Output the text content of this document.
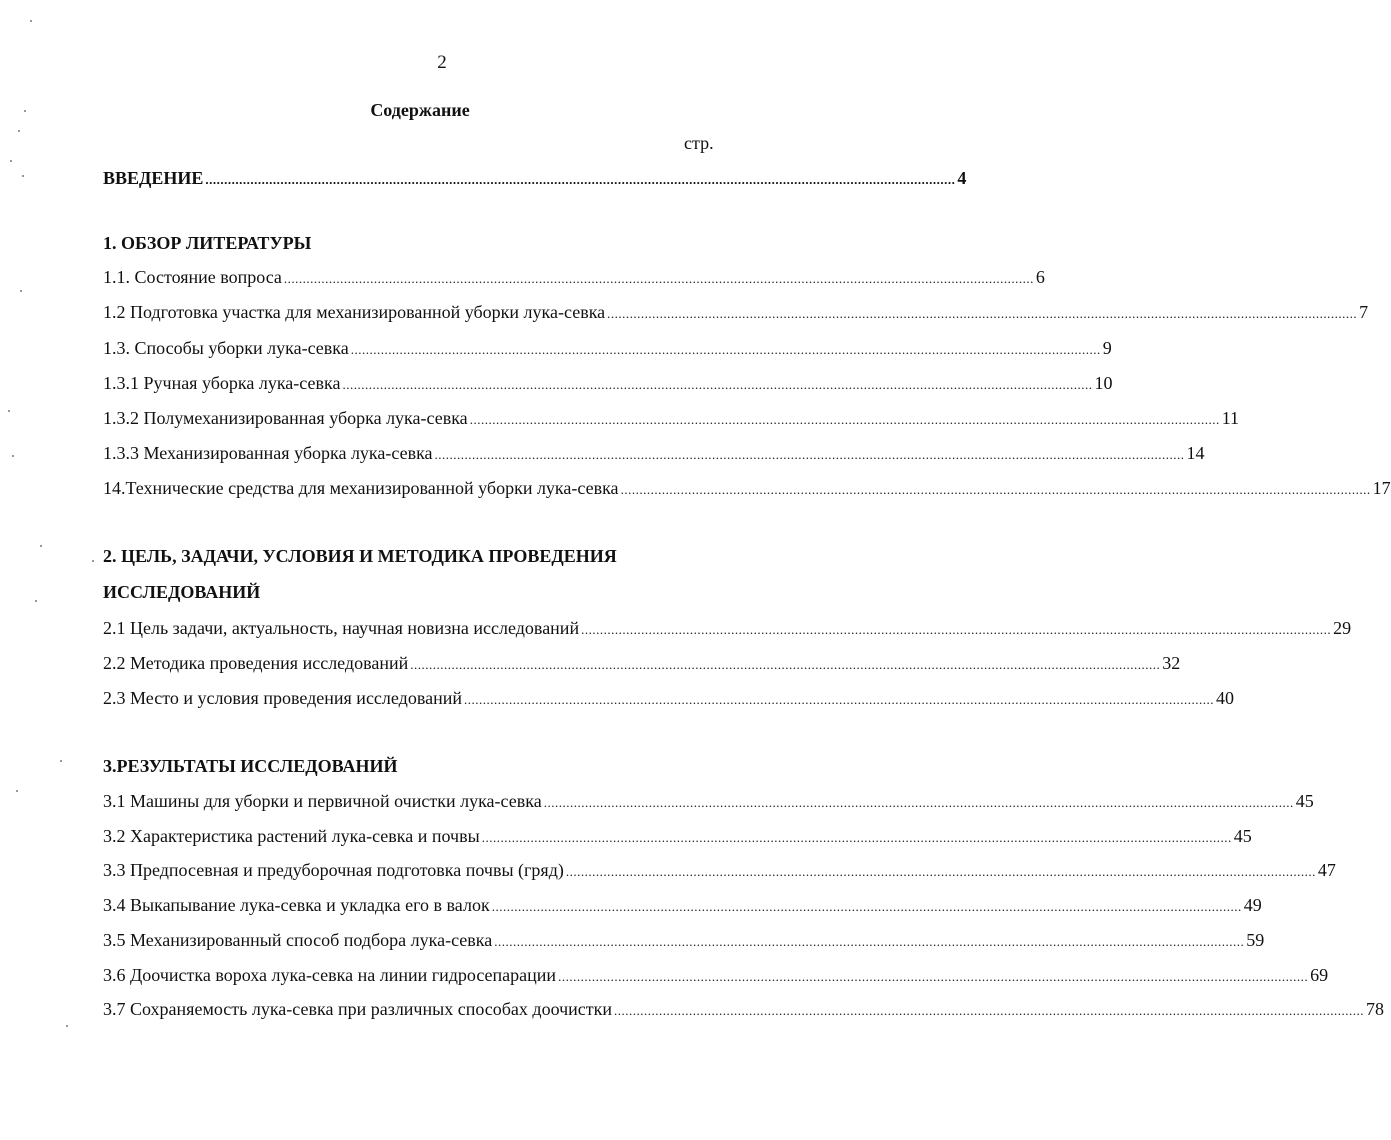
2
Содержание
стр.
ВВЕДЕНИЕ ........................................................................................................................................................................................................ 4
1. ОБЗОР ЛИТЕРАТУРЫ
1.1. Состояние вопроса ........................................................................................................................................................................................................ 6
1.2 Подготовка участка для механизированной уборки лука-севка ........................................................................................................................................................................................................ 7
1.3. Способы уборки лука-севка ........................................................................................................................................................................................................ 9
1.3.1 Ручная уборка лука-севка ........................................................................................................................................................................................................ 10
1.3.2 Полумеханизированная уборка лука-севка ........................................................................................................................................................................................................ 11
1.3.3 Механизированная уборка лука-севка ........................................................................................................................................................................................................ 14
14.Технические средства для механизированной уборки лука-севка ........................................................................................................................................................................................................ 17
2. ЦЕЛЬ, ЗАДАЧИ, УСЛОВИЯ И МЕТОДИКА ПРОВЕДЕНИЯ
ИССЛЕДОВАНИЙ
2.1 Цель задачи, актуальность, научная новизна исследований ........................................................................................................................................................................................................ 29
2.2 Методика проведения исследований ........................................................................................................................................................................................................ 32
2.3 Место и условия проведения исследований ........................................................................................................................................................................................................ 40
3.РЕЗУЛЬТАТЫ ИССЛЕДОВАНИЙ
3.1 Машины для уборки и первичной очистки лука-севка ........................................................................................................................................................................................................ 45
3.2 Характеристика растений лука-севка и почвы ........................................................................................................................................................................................................ 45
3.3 Предпосевная и предуборочная подготовка почвы (гряд) ........................................................................................................................................................................................................ 47
3.4 Выкапывание лука-севка и укладка его в валок ........................................................................................................................................................................................................ 49
3.5 Механизированный способ подбора лука-севка ........................................................................................................................................................................................................ 59
3.6 Доочистка вороха лука-севка на линии гидросепарации ........................................................................................................................................................................................................ 69
3.7 Сохраняемость лука-севка при различных способах доочистки ........................................................................................................................................................................................................ 78
